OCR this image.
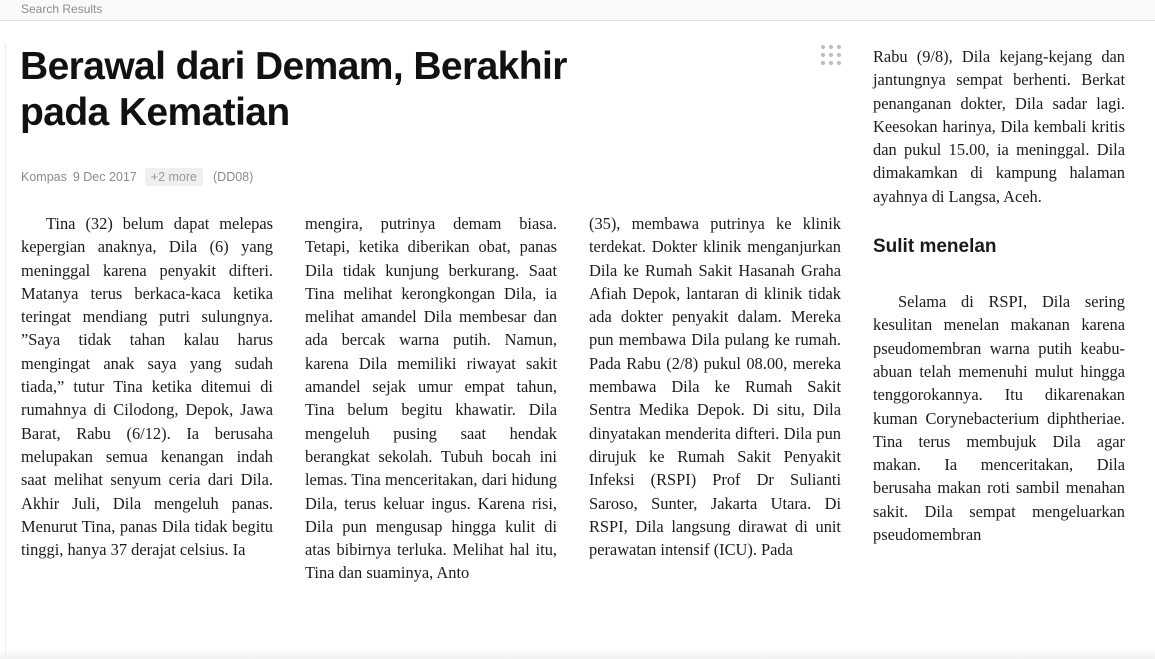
Search Results
Berawal dari Demam, Berakhir pada Kematian
Kompas 9 Dec 2017	+2 more	(DD08)

Tina (32) belum dapat melepas kepergian anaknya, Dila (6) yang meninggal karena penyakit difteri. Matanya terus berkaca-kaca ketika teringat mendiang putri sulungnya. ”Saya tidak tahan kalau harus mengingat anak saya yang sudah tiada,” tutur Tina ketika ditemui di rumahnya di Cilodong, Depok, Jawa Barat, Rabu (6/12). Ia berusaha melupakan semua kenangan indah saat melihat senyum ceria dari Dila. Akhir Juli, Dila mengeluh panas. Menurut Tina, panas Dila tidak begitu tinggi, hanya 37 derajat celsius. Ia

mengira, putrinya demam biasa. Tetapi, ketika diberikan obat, panas Dila tidak kunjung berkurang. Saat Tina melihat kerongkongan Dila, ia melihat amandel Dila membesar dan ada bercak warna putih. Namun, karena Dila memiliki riwayat sakit amandel sejak umur empat tahun, Tina belum begitu khawatir. Dila mengeluh pusing saat hendak berangkat sekolah. Tubuh bocah ini lemas. Tina menceritakan, dari hidung Dila, terus keluar ingus. Karena risi, Dila pun mengusap hingga kulit di atas bibirnya terluka. Melihat hal itu, Tina dan suaminya, Anto

(35), membawa putrinya ke klinik terdekat. Dokter klinik menganjurkan Dila ke Rumah Sakit Hasanah Graha Afiah Depok, lantaran di klinik tidak ada dokter penyakit dalam. Mereka pun membawa Dila pulang ke rumah. Pada Rabu (2/8) pukul 08.00, mereka membawa Dila ke Rumah Sakit Sentra Medika Depok. Di situ, Dila dinyatakan menderita difteri. Dila pun dirujuk ke Rumah Sakit Penyakit Infeksi (RSPI) Prof Dr Sulianti Saroso, Sunter, Jakarta Utara. Di RSPI, Dila langsung dirawat di unit perawatan intensif (ICU). Pada

Rabu (9/8), Dila kejang-kejang dan jantungnya sempat berhenti. Berkat penanganan dokter, Dila sadar lagi. Keesokan harinya, Dila kembali kritis dan pukul 15.00, ia meninggal. Dila dimakamkan di kampung halaman ayahnya di Langsa, Aceh.

Sulit menelan

Selama di RSPI, Dila sering kesulitan menelan makanan karena pseudomembran warna putih keabu-abuan telah memenuhi mulut hingga tenggorokannya. Itu dikarenakan kuman Corynebacterium diphtheriae. Tina terus membujuk Dila agar makan. Ia menceritakan, Dila berusaha makan roti sambil menahan sakit. Dila sempat mengeluarkan pseudomembran
